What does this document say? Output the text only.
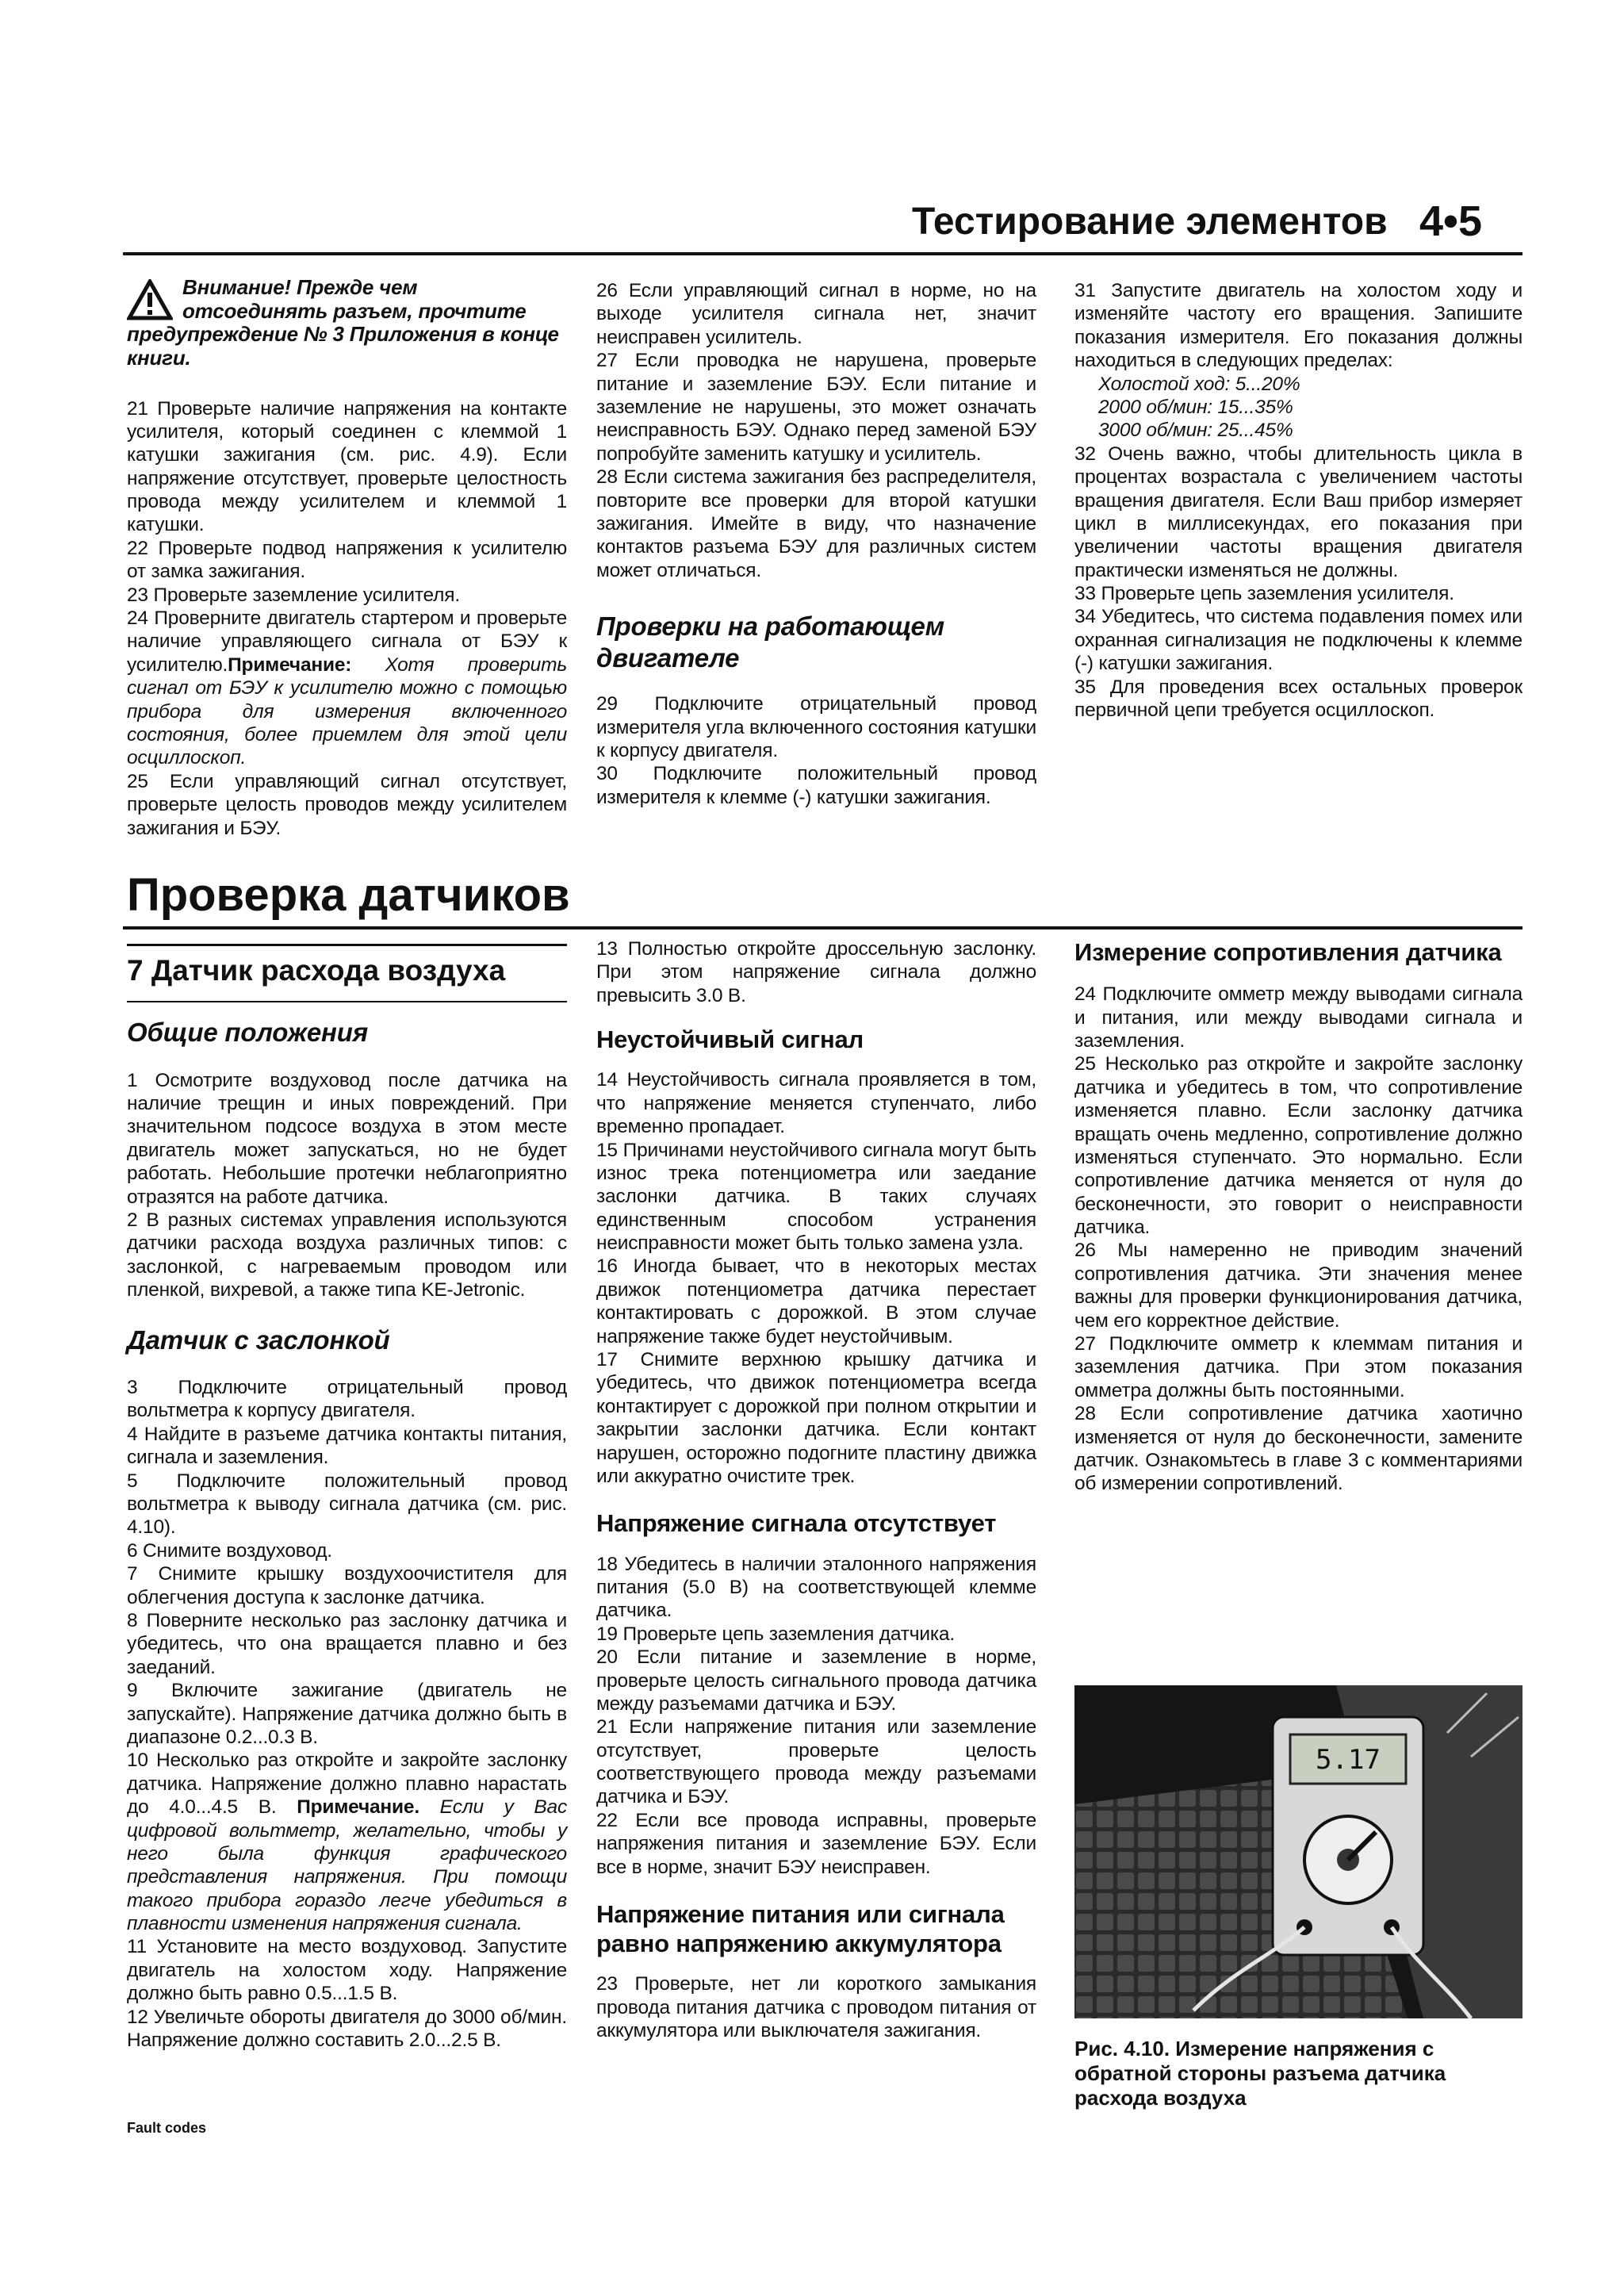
Тестирование элементов 4•5
Внимание! Прежде чем отсоединять разъем, прочтите предупреждение № 3 Приложения в конце книги.

21 Проверьте наличие напряжения на контакте усилителя, который соединен с клеммой 1 катушки зажигания (см. рис. 4.9). Если напряжение отсутствует, проверьте целостность провода между усилителем и клеммой 1 катушки.

22 Проверьте подвод напряжения к усилителю от замка зажигания.

23 Проверьте заземление усилителя.

24 Проверните двигатель стартером и проверьте наличие управляющего сигнала от БЭУ к усилителю.Примечание: Хотя проверить сигнал от БЭУ к усилителю можно с помощью прибора для измерения включенного состояния, более приемлем для этой цели осциллоскоп.

25 Если управляющий сигнал отсутствует, проверьте целость проводов между усилителем зажигания и БЭУ.

26 Если управляющий сигнал в норме, но на выходе усилителя сигнала нет, значит неисправен усилитель.

27 Если проводка не нарушена, проверьте питание и заземление БЭУ. Если питание и заземление не нарушены, это может означать неисправность БЭУ. Однако перед заменой БЭУ попробуйте заменить катушку и усилитель.

28 Если система зажигания без распределителя, повторите все проверки для второй катушки зажигания. Имейте в виду, что назначение контактов разъема БЭУ для различных систем может отличаться.

Проверки на работающем двигателе

29 Подключите отрицательный провод измерителя угла включенного состояния катушки к корпусу двигателя.

30 Подключите положительный провод измерителя к клемме (-) катушки зажигания.

31 Запустите двигатель на холостом ходу и изменяйте частоту его вращения. Запишите показания измерителя. Его показания должны находиться в следующих пределах:

Холостой ход: 5...20%
2000 об/мин: 15...35%
3000 об/мин: 25...45%

32 Очень важно, чтобы длительность цикла в процентах возрастала с увеличением частоты вращения двигателя. Если Ваш прибор измеряет цикл в миллисекундах, его показания при увеличении частоты вращения двигателя практически изменяться не должны.

33 Проверьте цепь заземления усилителя.

34 Убедитесь, что система подавления помех или охранная сигнализация не подключены к клемме (-) катушки зажигания.

35 Для проведения всех остальных проверок первичной цепи требуется осциллоскоп.

Проверка датчиков
7 Датчик расхода воздуха
Общие положения

1 Осмотрите воздуховод после датчика на наличие трещин и иных повреждений. При значительном подсосе воздуха в этом месте двигатель может запускаться, но не будет работать. Небольшие протечки неблагоприятно отразятся на работе датчика.

2 В разных системах управления используются датчики расхода воздуха различных типов: с заслонкой, с нагреваемым проводом или пленкой, вихревой, а также типа KE-Jetronic.

Датчик с заслонкой

3 Подключите отрицательный провод вольтметра к корпусу двигателя.

4 Найдите в разъеме датчика контакты питания, сигнала и заземления.

5 Подключите положительный провод вольтметра к выводу сигнала датчика (см. рис. 4.10).

6 Снимите воздуховод.

7 Снимите крышку воздухоочистителя для облегчения доступа к заслонке датчика.

8 Поверните несколько раз заслонку датчика и убедитесь, что она вращается плавно и без заеданий.

9 Включите зажигание (двигатель не запускайте). Напряжение датчика должно быть в диапазоне 0.2...0.3 В.

10 Несколько раз откройте и закройте заслонку датчика. Напряжение должно плавно нарастать до 4.0...4.5 В. Примечание. Если у Вас цифровой вольтметр, желательно, чтобы у него была функция графического представления напряжения. При помощи такого прибора гораздо легче убедиться в плавности изменения напряжения сигнала.

11 Установите на место воздуховод. Запустите двигатель на холостом ходу. Напряжение должно быть равно 0.5...1.5 В.

12 Увеличьте обороты двигателя до 3000 об/мин. Напряжение должно составить 2.0...2.5 В.

13 Полностью откройте дроссельную заслонку. При этом напряжение сигнала должно превысить 3.0 В.

Неустойчивый сигнал

14 Неустойчивость сигнала проявляется в том, что напряжение меняется ступенчато, либо временно пропадает.

15 Причинами неустойчивого сигнала могут быть износ трека потенциометра или заедание заслонки датчика. В таких случаях единственным способом устранения неисправности может быть только замена узла.

16 Иногда бывает, что в некоторых местах движок потенциометра датчика перестает контактировать с дорожкой. В этом случае напряжение также будет неустойчивым.

17 Снимите верхнюю крышку датчика и убедитесь, что движок потенциометра всегда контактирует с дорожкой при полном открытии и закрытии заслонки датчика. Если контакт нарушен, осторожно подогните пластину движка или аккуратно очистите трек.

Напряжение сигнала отсутствует

18 Убедитесь в наличии эталонного напряжения питания (5.0 В) на соответствующей клемме датчика.

19 Проверьте цепь заземления датчика.

20 Если питание и заземление в норме, проверьте целость сигнального провода датчика между разъемами датчика и БЭУ.

21 Если напряжение питания или заземление отсутствует, проверьте целость соответствующего провода между разъемами датчика и БЭУ.

22 Если все провода исправны, проверьте напряжения питания и заземление БЭУ. Если все в норме, значит БЭУ неисправен.

Напряжение питания или сигнала равно напряжению аккумулятора

23 Проверьте, нет ли короткого замыкания провода питания датчика с проводом питания от аккумулятора или выключателя зажигания.

Измерение сопротивления датчика

24 Подключите омметр между выводами сигнала и питания, или между выводами сигнала и заземления.

25 Несколько раз откройте и закройте заслонку датчика и убедитесь в том, что сопротивление изменяется плавно. Если заслонку датчика вращать очень медленно, сопротивление должно изменяться ступенчато. Это нормально. Если сопротивление датчика меняется от нуля до бесконечности, это говорит о неисправности датчика.

26 Мы намеренно не приводим значений сопротивления датчика. Эти значения менее важны для проверки функционирования датчика, чем его корректное действие.

27 Подключите омметр к клеммам питания и заземления датчика. При этом показания омметра должны быть постоянными.

28 Если сопротивление датчика хаотично изменяется от нуля до бесконечности, замените датчик. Ознакомьтесь в главе 3 с комментариями об измерении сопротивлений.

5.17
Рис. 4.10. Измерение напряжения с обратной стороны разъема датчика расхода воздуха
Fault codes
